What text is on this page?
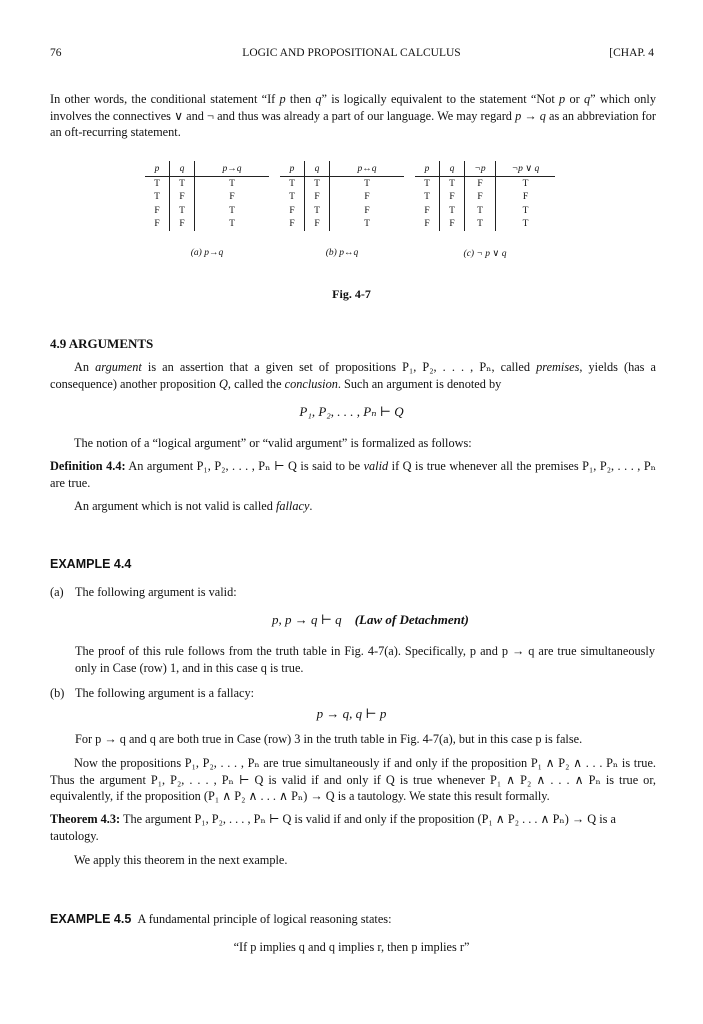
76	LOGIC AND PROPOSITIONAL CALCULUS	[CHAP. 4
In other words, the conditional statement “If p then q” is logically equivalent to the statement “Not p or q” which only involves the connectives ∨ and ¬ and thus was already a part of our language. We may regard p → q as an abbreviation for an oft-recurring statement.
p	q	p→q
T	T	T
T	F	F
F	T	T
F	F	T
(a) p→q
p	q	p↔q
T	T	T
T	F	F
F	T	F
F	F	T
(b) p↔q
p	q	¬p	¬p ∨ q
T	T	F	T
T	F	F	F
F	T	T	T
F	F	T	T
(c) ¬ p ∨ q
Fig. 4-7
4.9 ARGUMENTS
An argument is an assertion that a given set of propositions P₁, P₂, . . . , Pₙ, called premises, yields (has a consequence) another proposition Q, called the conclusion. Such an argument is denoted by
P₁, P₂, . . . , Pₙ ⊢ Q
The notion of a “logical argument” or “valid argument” is formalized as follows:
Definition 4.4: An argument P₁, P₂, . . . , Pₙ ⊢ Q is said to be valid if Q is true whenever all the premises P₁, P₂, . . . , Pₙ are true.
An argument which is not valid is called fallacy.
EXAMPLE 4.4
(a) The following argument is valid:
p, p → q ⊢ q (Law of Detachment)
The proof of this rule follows from the truth table in Fig. 4-7(a). Specifically, p and p → q are true simultaneously only in Case (row) 1, and in this case q is true.
(b) The following argument is a fallacy:
p → q, q ⊢ p
For p → q and q are both true in Case (row) 3 in the truth table in Fig. 4-7(a), but in this case p is false.
Now the propositions P₁, P₂, . . . , Pₙ are true simultaneously if and only if the proposition P₁ ∧ P₂ ∧ . . . Pₙ is true. Thus the argument P₁, P₂, . . . , Pₙ ⊢ Q is valid if and only if Q is true whenever P₁ ∧ P₂ ∧ . . . ∧ Pₙ is true or, equivalently, if the proposition (P₁ ∧ P₂ ∧ . . . ∧ Pₙ) → Q is a tautology. We state this result formally.
Theorem 4.3: The argument P₁, P₂, . . . , Pₙ ⊢ Q is valid if and only if the proposition (P₁ ∧ P₂ . . . ∧ Pₙ) → Q is a tautology.
We apply this theorem in the next example.
EXAMPLE 4.5 A fundamental principle of logical reasoning states:
“If p implies q and q implies r, then p implies r”
